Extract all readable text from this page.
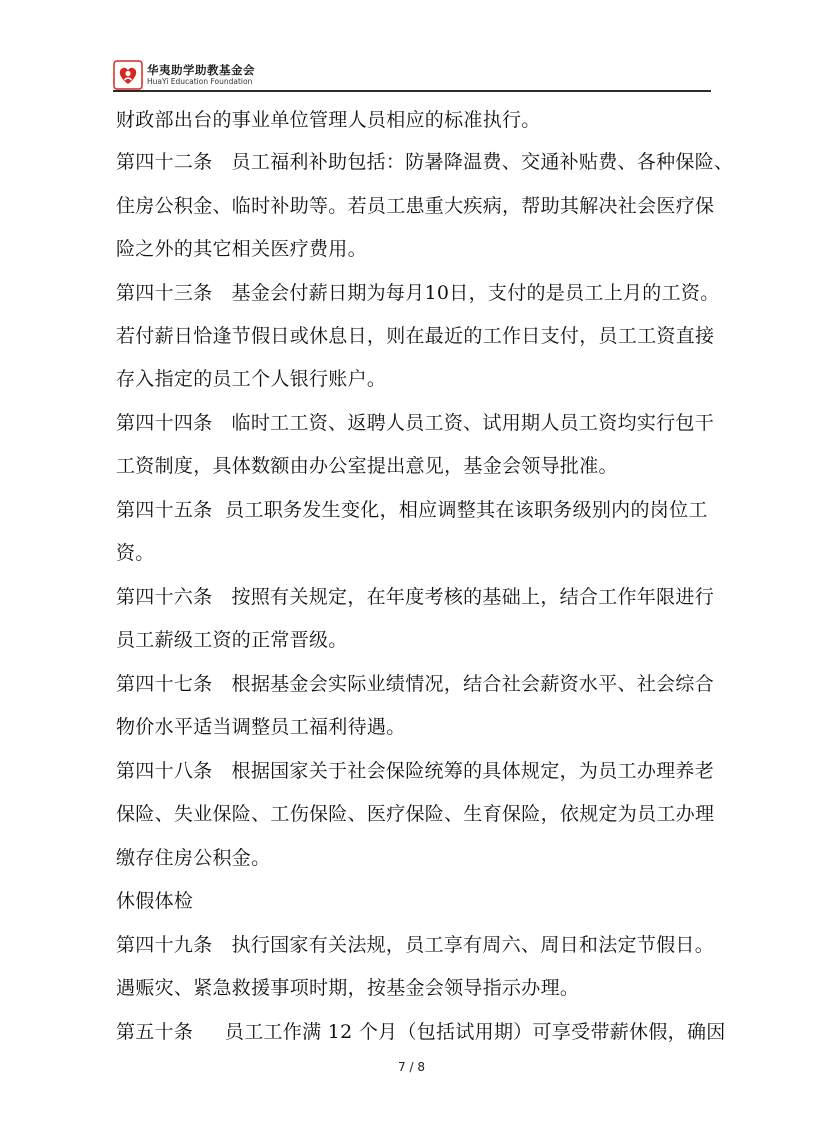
华夷助学助教基金会
HuaYi Education Foundation
财政部出台的事业单位管理人员相应的标准执行。
第四十二条   员工福利补助包括：防暑降温费、交通补贴费、各种保险、
住房公积金、临时补助等。若员工患重大疾病，帮助其解决社会医疗保
险之外的其它相关医疗费用。
第四十三条   基金会付薪日期为每月10日，支付的是员工上月的工资。
若付薪日恰逢节假日或休息日，则在最近的工作日支付，员工工资直接
存入指定的员工个人银行账户。
第四十四条   临时工工资、返聘人员工资、试用期人员工资均实行包干
工资制度，具体数额由办公室提出意见，基金会领导批准。
第四十五条  员工职务发生变化，相应调整其在该职务级别内的岗位工
资。
第四十六条   按照有关规定，在年度考核的基础上，结合工作年限进行
员工薪级工资的正常晋级。
第四十七条   根据基金会实际业绩情况，结合社会薪资水平、社会综合
物价水平适当调整员工福利待遇。
第四十八条   根据国家关于社会保险统筹的具体规定，为员工办理养老
保险、失业保险、工伤保险、医疗保险、生育保险，依规定为员工办理
缴存住房公积金。
休假体检
第四十九条   执行国家有关法规，员工享有周六、周日和法定节假日。
遇赈灾、紧急救援事项时期，按基金会领导指示办理。
第五十条     员工工作满 12 个月（包括试用期）可享受带薪休假，确因
7 / 8
